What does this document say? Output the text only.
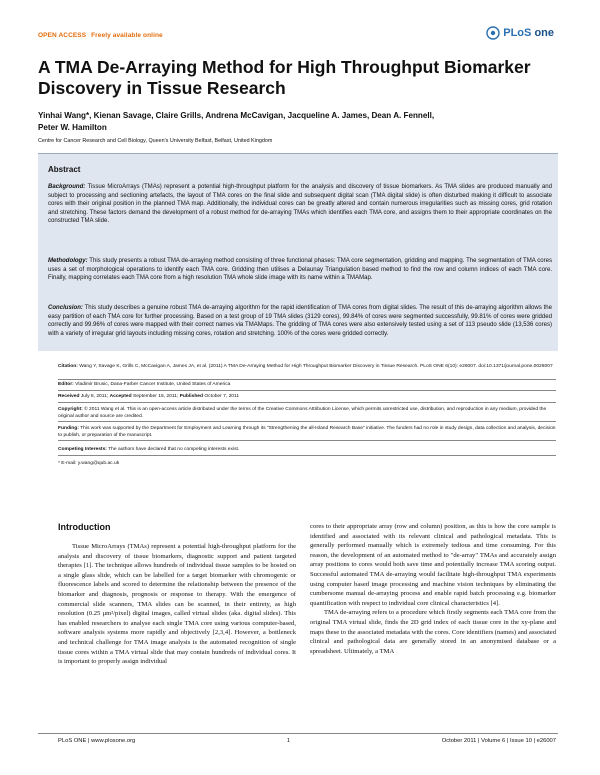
OPEN ACCESS Freely available online	PLoS one
A TMA De-Arraying Method for High Throughput Biomarker Discovery in Tissue Research
Yinhai Wang*, Kienan Savage, Claire Grills, Andrena McCavigan, Jacqueline A. James, Dean A. Fennell,
Peter W. Hamilton
Centre for Cancer Research and Cell Biology, Queen's University Belfast, Belfast, United Kingdom
Abstract
Background: Tissue MicroArrays (TMAs) represent a potential high-throughput platform for the analysis and discovery of tissue biomarkers. As TMA slides are produced manually and subject to processing and sectioning artefacts, the layout of TMA cores on the final slide and subsequent digital scan (TMA digital slide) is often disturbed making it difficult to associate cores with their original position in the planned TMA map. Additionally, the individual cores can be greatly altered and contain numerous irregularities such as missing cores, grid rotation and stretching. These factors demand the development of a robust method for de-arraying TMAs which identifies each TMA core, and assigns them to their appropriate coordinates on the constructed TMA slide.
Methodology: This study presents a robust TMA de-arraying method consisting of three functional phases: TMA core segmentation, gridding and mapping. The segmentation of TMA cores uses a set of morphological operations to identify each TMA core. Gridding then utilises a Delaunay Triangulation based method to find the row and column indices of each TMA core. Finally, mapping correlates each TMA core from a high resolution TMA whole slide image with its name within a TMAMap.
Conclusion: This study describes a genuine robust TMA de-arraying algorithm for the rapid identification of TMA cores from digital slides. The result of this de-arraying algorithm allows the easy partition of each TMA core for further processing. Based on a test group of 19 TMA slides (3129 cores), 99.84% of cores were segmented successfully, 99.81% of cores were gridded correctly and 99.96% of cores were mapped with their correct names via TMAMaps. The gridding of TMA cores were also extensively tested using a set of 113 pseudo slide (13,536 cores) with a variety of irregular grid layouts including missing cores, rotation and stretching. 100% of the cores were gridded correctly.
Citation: Wang Y, Savage K, Grills C, McCavigan A, James JA, et al. (2011) A TMA De-Arraying Method for High Throughput Biomarker Discovery in Tissue Research. PLoS ONE 6(10): e26007. doi:10.1371/journal.pone.0026007
Editor: Vladimir Brusic, Dana-Farber Cancer Institute, United States of America
Received July 8, 2011; Accepted September 15, 2011; Published October 7, 2011
Copyright: © 2011 Wang et al. This is an open-access article distributed under the terms of the Creative Commons Attribution License, which permits unrestricted use, distribution, and reproduction in any medium, provided the original author and source are credited.
Funding: This work was supported by the Department for Employment and Learning through its "Strengthening the all-Island Research Base" initiative. The funders had no role in study design, data collection and analysis, decision to publish, or preparation of the manuscript.
Competing Interests: The authors have declared that no competing interests exist.
* E-mail: y.wang@qub.ac.uk
Introduction

Tissue MicroArrays (TMAs) represent a potential high-throughput platform for the analysis and discovery of tissue biomarkers, diagnostic support and patient targeted therapies [1]. The technique allows hundreds of individual tissue samples to be hosted on a single glass slide, which can be labelled for a target biomarker with chromogenic or fluorescence labels and scored to determine the relationship between the presence of the biomarker and diagnosis, prognosis or response to therapy. With the emergence of commercial slide scanners, TMA slides can be scanned, in their entirety, as high resolution (0.25 μm²/pixel) digital images, called virtual slides (aka. digital slides). This has enabled researchers to analyse each single TMA core using various computer-based, software analysis systems more rapidly and objectively [2,3,4]. However, a bottleneck and technical challenge for TMA image analysis is the automated recognition of single tissue cores within a TMA virtual slide that may contain hundreds of individual cores. It is important to properly assign individual

cores to their appropriate array (row and column) position, as this is how the core sample is identified and associated with its relevant clinical and pathological metadata. This is generally performed manually which is extremely tedious and time consuming. For this reason, the development of an automated method to "de-array" TMAs and accurately assign array positions to cores would both save time and potentially increase TMA scoring output. Successful automated TMA de-arraying would facilitate high-throughput TMA experiments using computer based image processing and machine vision techniques by eliminating the cumbersome manual de-arraying process and enable rapid batch processing e.g. biomarker quantification with respect to individual core clinical characteristics [4].

TMA de-arraying refers to a procedure which firstly segments each TMA core from the original TMA virtual slide, finds the 2D grid index of each tissue core in the xy-plane and maps these to the associated metadata with the cores. Core identifiers (names) and associated clinical and pathological data are generally stored in an anonymised database or a spreadsheet. Ultimately, a TMA

PLoS ONE | www.plosone.org	1	October 2011 | Volume 6 | Issue 10 | e26007
